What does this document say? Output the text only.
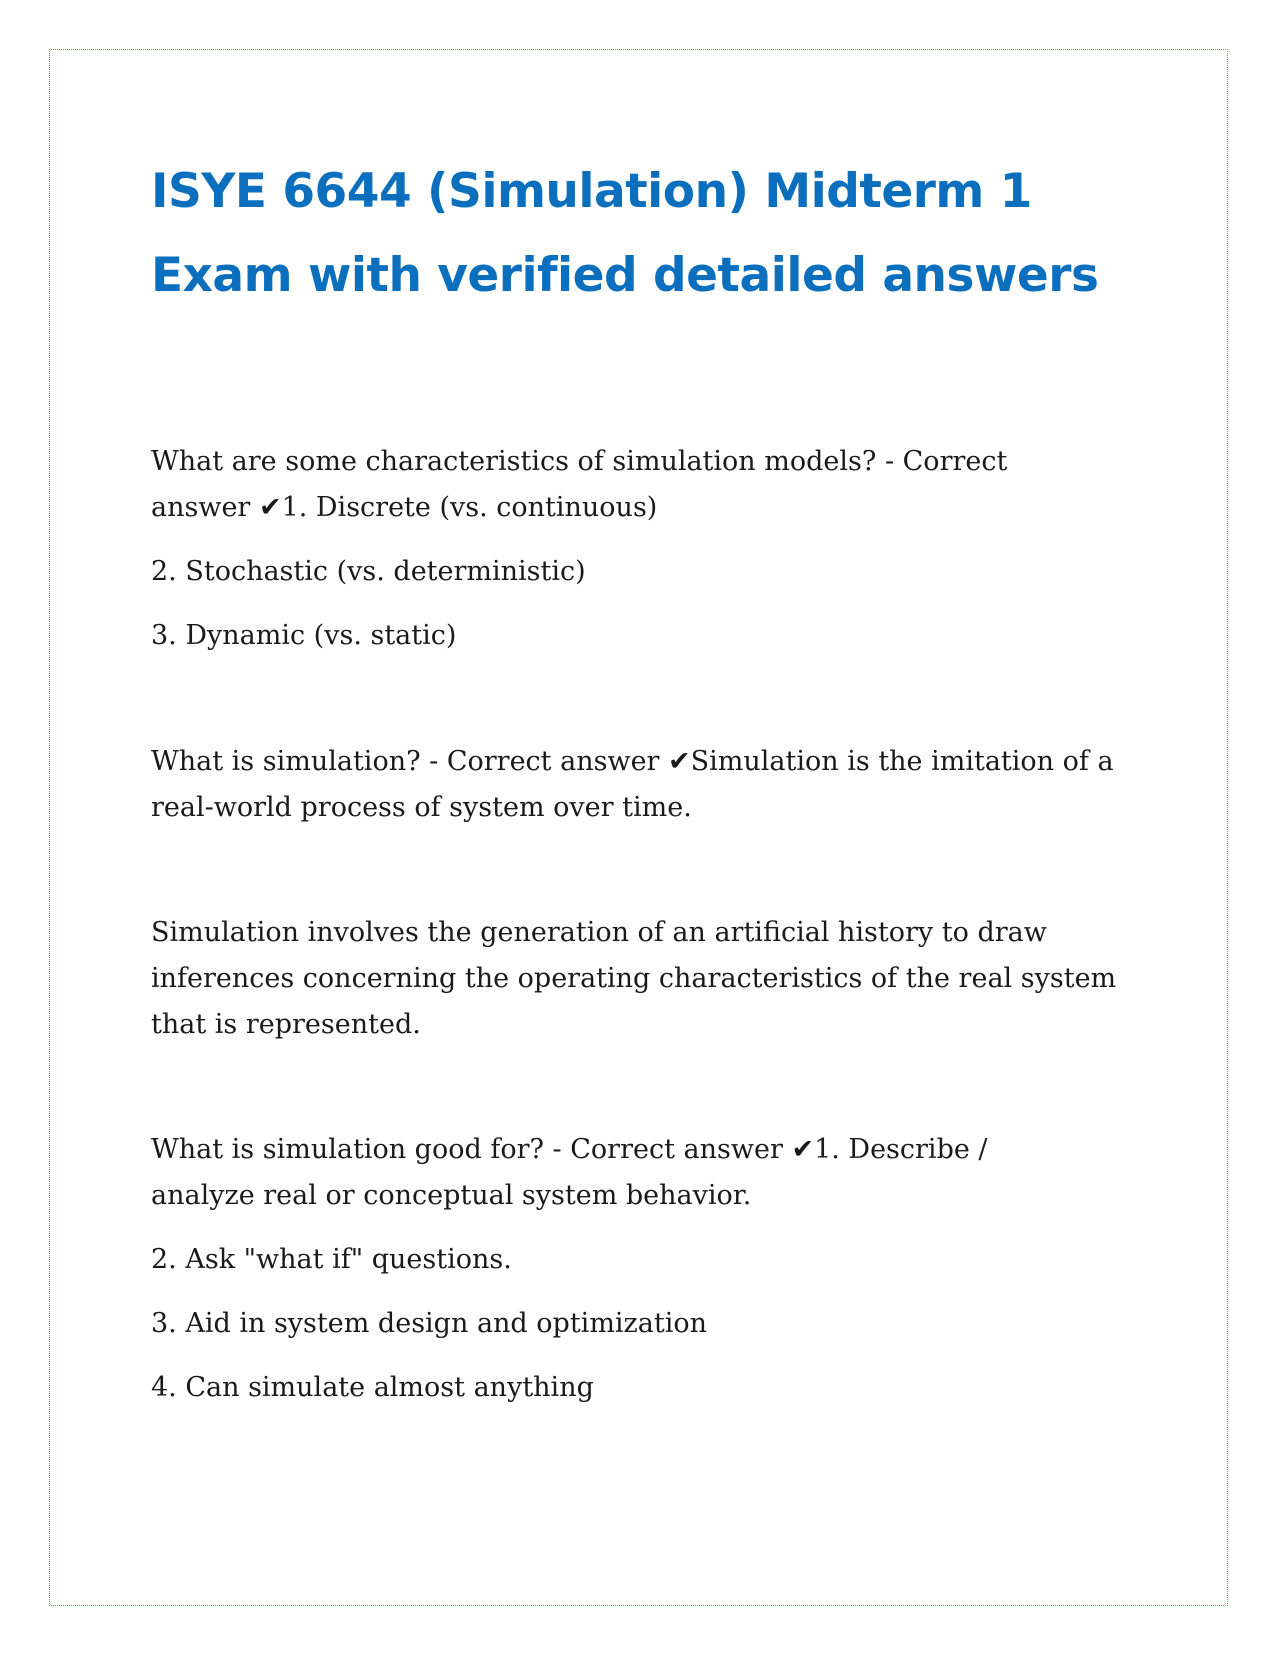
ISYE 6644 (Simulation) Midterm 1
Exam with verified detailed answers

What are some characteristics of simulation models? - Correct answer ✔1. Discrete (vs. continuous)

2. Stochastic (vs. deterministic)

3. Dynamic (vs. static)

What is simulation? - Correct answer ✔Simulation is the imitation of a real-world process of system over time.

Simulation involves the generation of an artificial history to draw inferences concerning the operating characteristics of the real system that is represented.

What is simulation good for? - Correct answer ✔1. Describe / analyze real or conceptual system behavior.

2. Ask "what if" questions.

3. Aid in system design and optimization

4. Can simulate almost anything
